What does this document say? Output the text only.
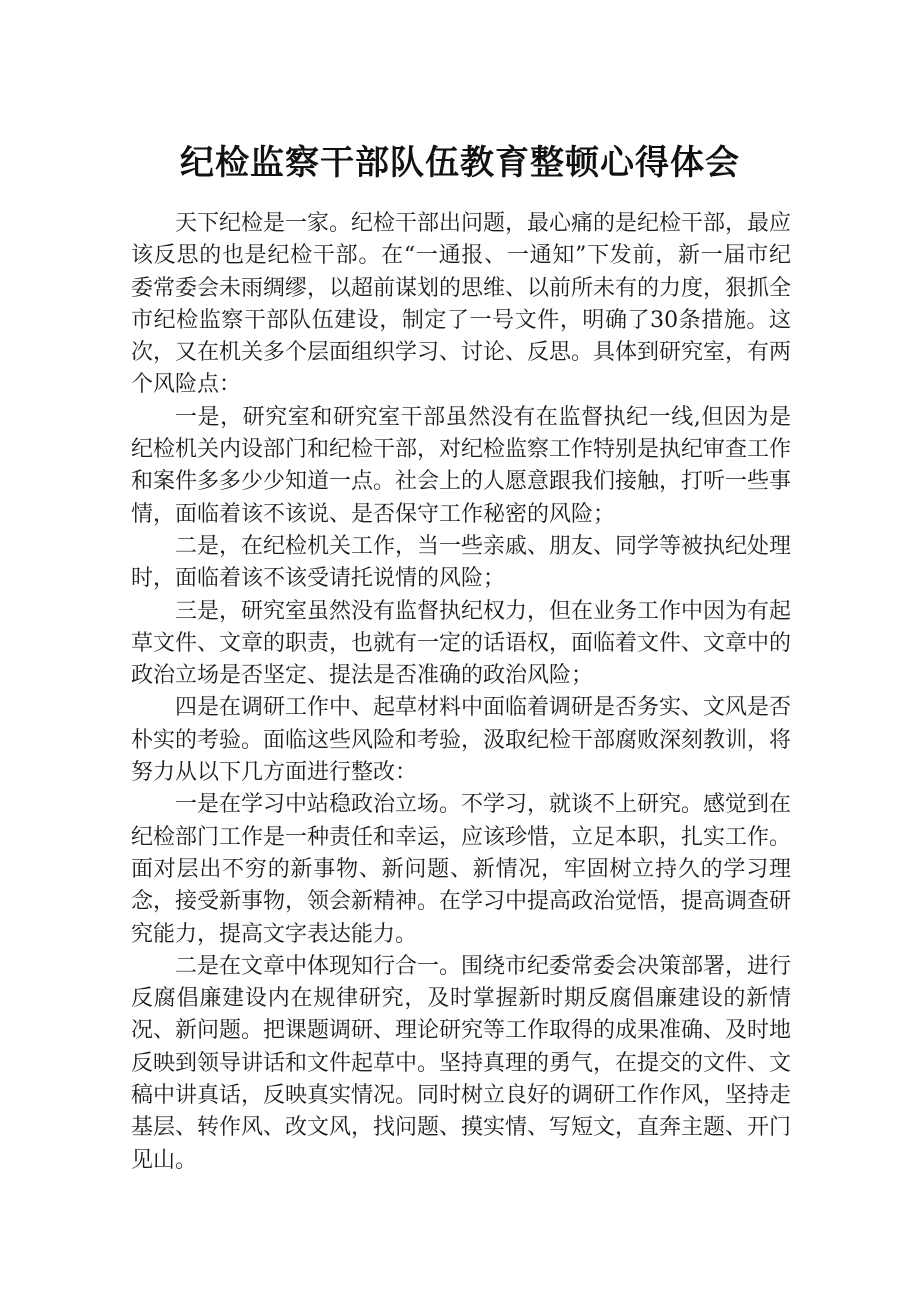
纪检监察干部队伍教育整顿心得体会

天下纪检是一家。纪检干部出问题，最心痛的是纪检干部，最应该反思的也是纪检干部。在“一通报、一通知”下发前，新一届市纪委常委会未雨绸缪，以超前谋划的思维、以前所未有的力度，狠抓全市纪检监察干部队伍建设，制定了一号文件，明确了30条措施。这次，又在机关多个层面组织学习、讨论、反思。具体到研究室，有两个风险点：

一是，研究室和研究室干部虽然没有在监督执纪一线,但因为是纪检机关内设部门和纪检干部，对纪检监察工作特别是执纪审查工作和案件多多少少知道一点。社会上的人愿意跟我们接触，打听一些事情，面临着该不该说、是否保守工作秘密的风险；

二是，在纪检机关工作，当一些亲戚、朋友、同学等被执纪处理时，面临着该不该受请托说情的风险；

三是，研究室虽然没有监督执纪权力，但在业务工作中因为有起草文件、文章的职责，也就有一定的话语权，面临着文件、文章中的政治立场是否坚定、提法是否准确的政治风险；

四是在调研工作中、起草材料中面临着调研是否务实、文风是否朴实的考验。面临这些风险和考验，汲取纪检干部腐败深刻教训，将努力从以下几方面进行整改：

一是在学习中站稳政治立场。不学习，就谈不上研究。感觉到在纪检部门工作是一种责任和幸运，应该珍惜，立足本职，扎实工作。面对层出不穷的新事物、新问题、新情况，牢固树立持久的学习理念，接受新事物，领会新精神。在学习中提高政治觉悟，提高调查研究能力，提高文字表达能力。

二是在文章中体现知行合一。围绕市纪委常委会决策部署，进行反腐倡廉建设内在规律研究，及时掌握新时期反腐倡廉建设的新情况、新问题。把课题调研、理论研究等工作取得的成果准确、及时地反映到领导讲话和文件起草中。坚持真理的勇气，在提交的文件、文稿中讲真话，反映真实情况。同时树立良好的调研工作作风，坚持走基层、转作风、改文风，找问题、摸实情、写短文，直奔主题、开门见山。
